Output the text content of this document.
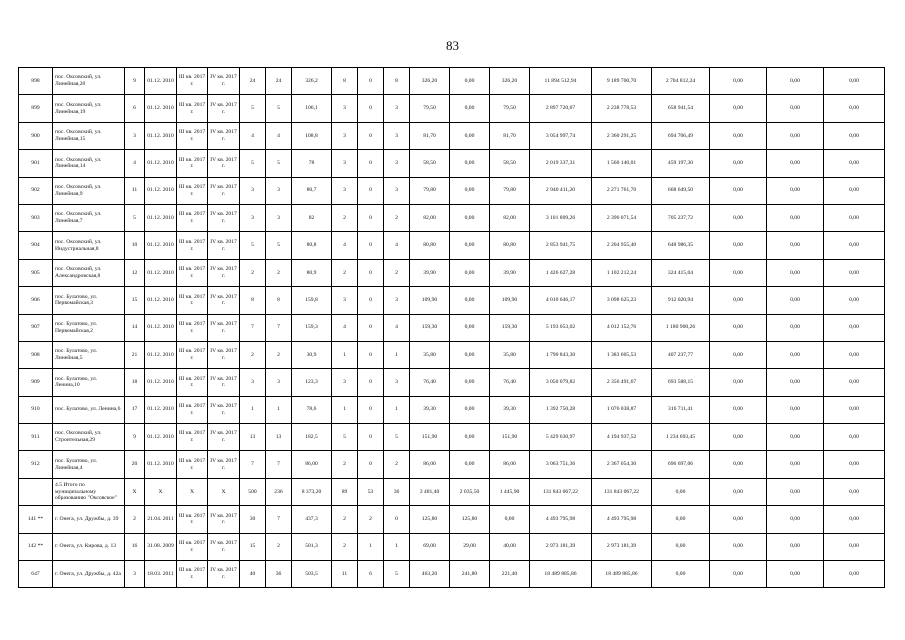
83
898	пос. Оксовский, ул. Линейная,20	9	01.12. 2010	III кв. 2017 г.	IV кв. 2017 г.	24	24	326,2	8	0	8	326,20	0,00	326,20	11 894 512,94	9 189 700,70	2 704 812,24	0,00	0,00	0,00
899	пос. Оксовский, ул. Линейная,19	6	01.12. 2010	III кв. 2017 г.	IV кв. 2017 г.	5	5	106,1	3	0	3	79,50	0,00	79,50	2 897 720,07	2 238 778,53	658 941,54	0,00	0,00	0,00
900	пос. Оксовский, ул. Линейная,15	3	01.12. 2010	III кв. 2017 г.	IV кв. 2017 г.	4	4	108,8	3	0	3	81,70	0,00	81,70	3 054 997,74	2 360 291,25	694 706,49	0,00	0,00	0,00
901	пос. Оксовский, ул. Линейная,14	4	01.12. 2010	III кв. 2017 г.	IV кв. 2017 г.	5	5	78	3	0	3	58,50	0,00	58,50	2 019 337,31	1 560 140,01	459 197,30	0,00	0,00	0,00
902	пос. Оксовский, ул. Линейная,9	11	01.12. 2010	III кв. 2017 г.	IV кв. 2017 г.	3	3	80,7	3	0	3	79,80	0,00	79,80	2 940 411,20	2 271 761,70	668 649,50	0,00	0,00	0,00
903	пос. Оксовский, ул. Линейная,7	5	01.12. 2010	III кв. 2017 г.	IV кв. 2017 г.	3	3	82	2	0	2	82,00	0,00	82,00	3 101 809,26	2 396 071,54	705 237,72	0,00	0,00	0,00
904	пос. Оксовский, ул. Индустриальная,8	10	01.12. 2010	III кв. 2017 г.	IV кв. 2017 г.	5	5	80,8	4	0	4	80,80	0,00	80,80	2 853 941,75	2 204 955,40	648 986,35	0,00	0,00	0,00
905	пос. Оксовский, ул. Александровская,8	12	01.12. 2010	III кв. 2017 г.	IV кв. 2017 г.	2	2	80,9	2	0	2	39,90	0,00	39,90	1 426 627,28	1 102 212,24	324 415,04	0,00	0,00	0,00
906	пос. Булатово, ул. Первомайская,3	15	01.12. 2010	III кв. 2017 г.	IV кв. 2017 г.	8	8	159,8	3	0	3	109,90	0,00	109,90	4 010 646,17	3 098 625,23	912 020,94	0,00	0,00	0,00
907	пос. Булатово, ул. Первомайская,2	14	01.12. 2010	III кв. 2017 г.	IV кв. 2017 г.	7	7	159,3	4	0	4	159,30	0,00	159,30	5 193 053,02	4 012 152,76	1 180 900,26	0,00	0,00	0,00
908	пос. Булатово, ул. Линейная,5	21	01.12. 2010	III кв. 2017 г.	IV кв. 2017 г.	2	2	30,9	1	0	1	35,80	0,00	35,80	1 790 843,30	1 383 605,53	407 237,77	0,00	0,00	0,00
909	пос. Булатово, ул. Ленина,10	18	01.12. 2010	III кв. 2017 г.	IV кв. 2017 г.	3	3	123,3	3	0	3	76,40	0,00	76,40	3 050 079,82	2 356 491,67	693 588,15	0,00	0,00	0,00
910	пос. Булатово, ул. Ленина,6	17	01.12. 2010	III кв. 2017 г.	IV кв. 2017 г.	1	1	78,6	1	0	1	39,30	0,00	39,30	1 392 750,28	1 076 038,87	316 711,41	0,00	0,00	0,00
911	пос. Оксовский, ул. Строительная,29	9	01.12. 2010	III кв. 2017 г.	IV кв. 2017 г.	13	13	182,5	5	0	5	151,90	0,00	151,90	5 429 630,97	4 194 937,52	1 234 693,45	0,00	0,00	0,00
912	пос. Булатово, ул. Линейная,4	20	01.12. 2010	III кв. 2017 г.	IV кв. 2017 г.	7	7	86,00	2	0	2	86,00	0,00	86,00	3 063 751,36	2 367 054,30	696 697,06	0,00	0,00	0,00
	4.5 Итого по муниципальному образованию "Оксовское"	X	X	X	X	500	236	8 373,20	89	53	36	3 481,40	2 035,50	1 445,90	131 843 067,22	131 843 067,22	0,00	0,00	0,00	0,00
141 **	г. Онега, ул. Дружбы, д. 39	2	21.04. 2011	III кв. 2017 г.	IV кв. 2017 г.	30	7	437,3	2	2	0	125,80	125,80	0,00	4 493 795,98	4 493 795,98	0,00	0,00	0,00	0,00
142 **	г. Онега, ул. Кирова, д. 13	16	31.08. 2009	III кв. 2017 г.	IV кв. 2017 г.	15	2	501,3	2	1	1	69,00	29,00	40,00	2 973 181,39	2 973 181,39	0,00	0,00	0,00	0,00
647	г. Онега, ул. Дружбы, д. 42а	3	18.03. 2011	III кв. 2017 г.	IV кв. 2017 г.	40	36	503,5	11	6	5	463,20	241,80	221,40	18 489 885,86	18 489 885,86	0,00	0,00	0,00	0,00
